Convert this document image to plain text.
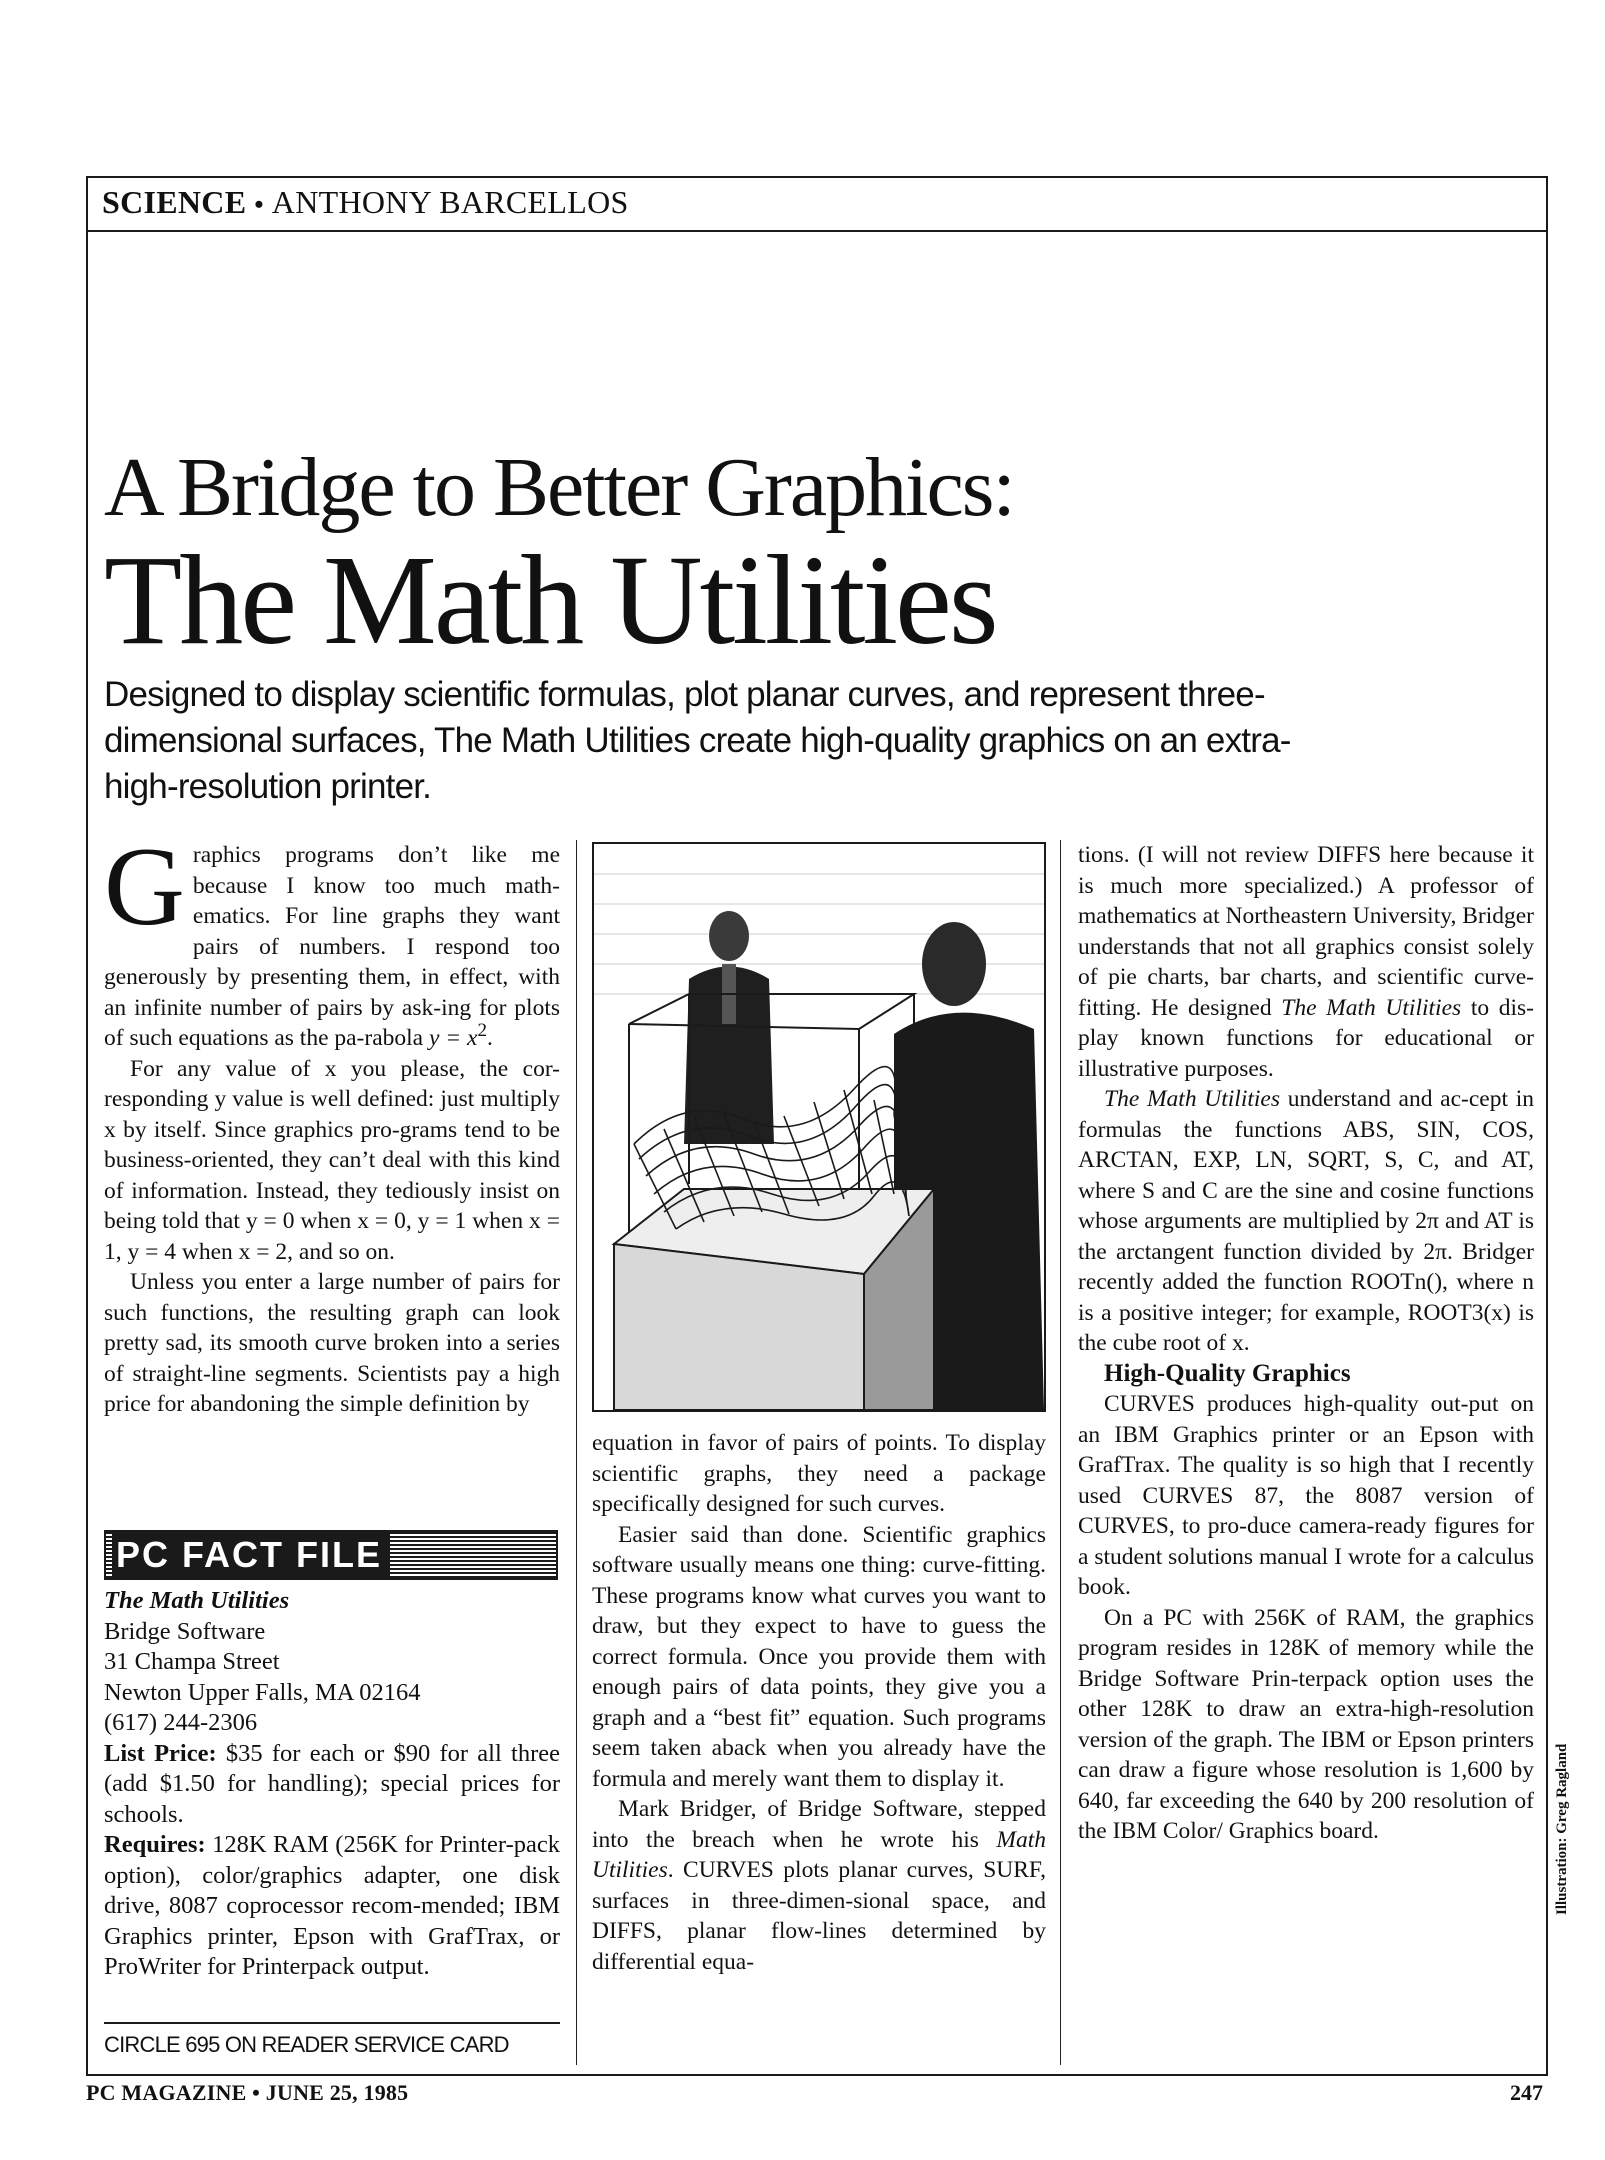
SCIENCE • ANTHONY BARCELLOS
A Bridge to Better Graphics:
The Math Utilities
Designed to display scientific formulas, plot planar curves, and represent three-dimensional surfaces, The Math Utilities create high-quality graphics on an extra-high-resolution printer.

Graphics programs don’t like me because I know too much math-ematics. For line graphs they want pairs of numbers. I respond too generously by presenting them, in effect, with an infinite number of pairs by ask-ing for plots of such equations as the pa-rabola $y = x^2$.

For any value of x you please, the cor-responding y value is well defined: just multiply x by itself. Since graphics pro-grams tend to be business-oriented, they can’t deal with this kind of information. Instead, they tediously insist on being told that y = 0 when x = 0, y = 1 when x = 1, y = 4 when x = 2, and so on.

Unless you enter a large number of pairs for such functions, the resulting graph can look pretty sad, its smooth curve broken into a series of straight-line segments. Scientists pay a high price for abandoning the simple definition by

PC FACT FILE
The Math Utilities
Bridge Software
31 Champa Street
Newton Upper Falls, MA 02164
(617) 244-2306
List Price: $35 for each or $90 for all three (add $1.50 for handling); special prices for schools.
Requires: 128K RAM (256K for Printer-pack option), color/graphics adapter, one disk drive, 8087 coprocessor recom-mended; IBM Graphics printer, Epson with GrafTrax, or ProWriter for Printerpack output.
CIRCLE 695 ON READER SERVICE CARD

equation in favor of pairs of points. To display scientific graphs, they need a package specifically designed for such curves.

Easier said than done. Scientific graphics software usually means one thing: curve-fitting. These programs know what curves you want to draw, but they expect to have to guess the correct formula. Once you provide them with enough pairs of data points, they give you a graph and a “best fit” equation. Such programs seem taken aback when you already have the formula and merely want them to display it.

Mark Bridger, of Bridge Software, stepped into the breach when he wrote his Math Utilities. CURVES plots planar curves, SURF, surfaces in three-dimen-sional space, and DIFFS, planar flow-lines determined by differential equa-

tions. (I will not review DIFFS here because it is much more specialized.) A professor of mathematics at Northeastern University, Bridger understands that not all graphics consist solely of pie charts, bar charts, and scientific curve-fitting. He designed The Math Utilities to dis-play known functions for educational or illustrative purposes.

The Math Utilities understand and ac-cept in formulas the functions ABS, SIN, COS, ARCTAN, EXP, LN, SQRT, S, C, and AT, where S and C are the sine and cosine functions whose arguments are multiplied by 2π and AT is the arctangent function divided by 2π. Bridger recently added the function ROOTn(), where n is a positive integer; for example, ROOT3(x) is the cube root of x.

High-Quality Graphics

CURVES produces high-quality out-put on an IBM Graphics printer or an Epson with GrafTrax. The quality is so high that I recently used CURVES 87, the 8087 version of CURVES, to pro-duce camera-ready figures for a student solutions manual I wrote for a calculus book.

On a PC with 256K of RAM, the graphics program resides in 128K of memory while the Bridge Software Prin-terpack option uses the other 128K to draw an extra-high-resolution version of the graph. The IBM or Epson printers can draw a figure whose resolution is 1,600 by 640, far exceeding the 640 by 200 resolution of the IBM Color/ Graphics board.	Illustration: Greg Ragland
PC MAGAZINE • JUNE 25, 1985	247
